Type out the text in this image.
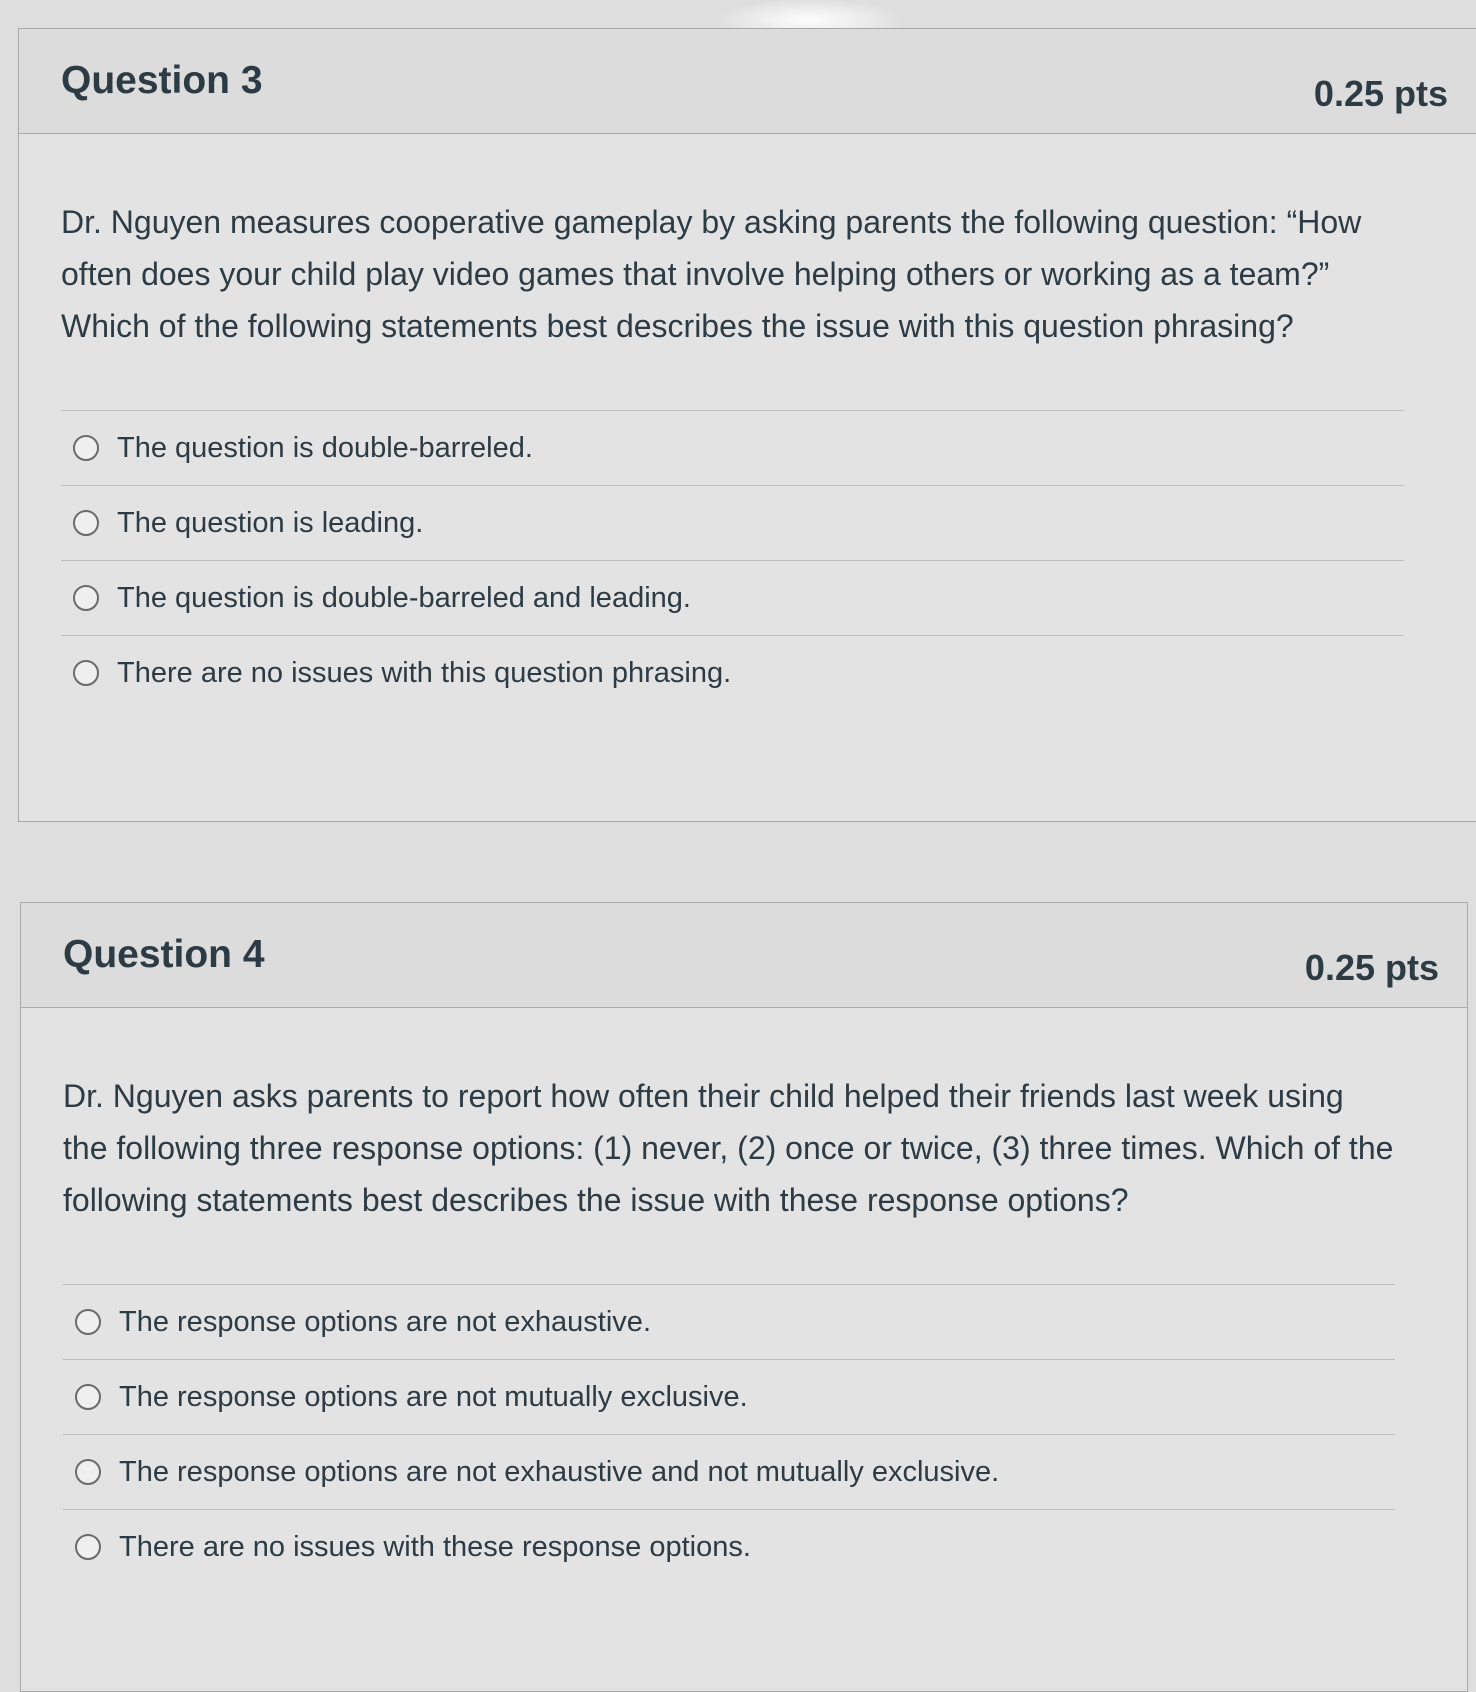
Question 3	0.25 pts

Dr. Nguyen measures cooperative gameplay by asking parents the following question: “How often does your child play video games that involve helping others or working as a team?” Which of the following statements best describes the issue with this question phrasing?

The question is double-barreled.
The question is leading.
The question is double-barreled and leading.
There are no issues with this question phrasing.
Question 4	0.25 pts

Dr. Nguyen asks parents to report how often their child helped their friends last week using the following three response options: (1) never, (2) once or twice, (3) three times. Which of the following statements best describes the issue with these response options?

The response options are not exhaustive.
The response options are not mutually exclusive.
The response options are not exhaustive and not mutually exclusive.
There are no issues with these response options.
